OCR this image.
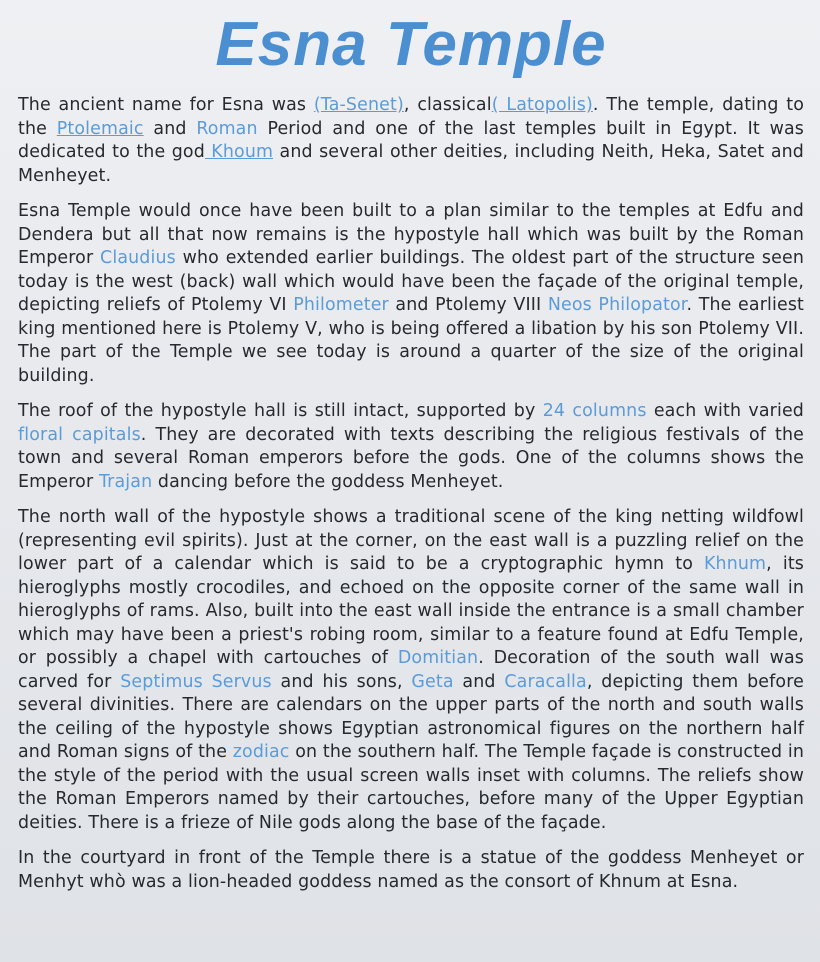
Esna Temple

The ancient name for Esna was (Ta-Senet), classical( Latopolis). The temple, dating to the Ptolemaic and Roman Period and one of the last temples built in Egypt. It was dedicated to the god Khoum and several other deities, including Neith, Heka, Satet and Menheyet.

Esna Temple would once have been built to a plan similar to the temples at Edfu and Dendera but all that now remains is the hypostyle hall which was built by the Roman Emperor Claudius who extended earlier buildings. The oldest part of the structure seen today is the west (back) wall which would have been the façade of the original temple, depicting reliefs of Ptolemy VI Philometer and Ptolemy VIII Neos Philopator. The earliest king mentioned here is Ptolemy V, who is being offered a libation by his son Ptolemy VII. The part of the Temple we see today is around a quarter of the size of the original building.

The roof of the hypostyle hall is still intact, supported by 24 columns each with varied floral capitals. They are decorated with texts describing the religious festivals of the town and several Roman emperors before the gods. One of the columns shows the Emperor Trajan dancing before the goddess Menheyet.

The north wall of the hypostyle shows a traditional scene of the king netting wildfowl (representing evil spirits). Just at the corner, on the east wall is a puzzling relief on the lower part of a calendar which is said to be a cryptographic hymn to Khnum, its hieroglyphs mostly crocodiles, and echoed on the opposite corner of the same wall in hieroglyphs of rams. Also, built into the east wall inside the entrance is a small chamber which may have been a priest's robing room, similar to a feature found at Edfu Temple, or possibly a chapel with cartouches of Domitian. Decoration of the south wall was carved for Septimus Servus and his sons, Geta and Caracalla, depicting them before several divinities. There are calendars on the upper parts of the north and south walls the ceiling of the hypostyle shows Egyptian astronomical figures on the northern half and Roman signs of the zodiac on the southern half. The Temple façade is constructed in the style of the period with the usual screen walls inset with columns. The reliefs show the Roman Emperors named by their cartouches, before many of the Upper Egyptian deities. There is a frieze of Nile gods along the base of the façade.

In the courtyard in front of the Temple there is a statue of the goddess Menheyet or Menhyt whò was a lion-headed goddess named as the consort of Khnum at Esna.
